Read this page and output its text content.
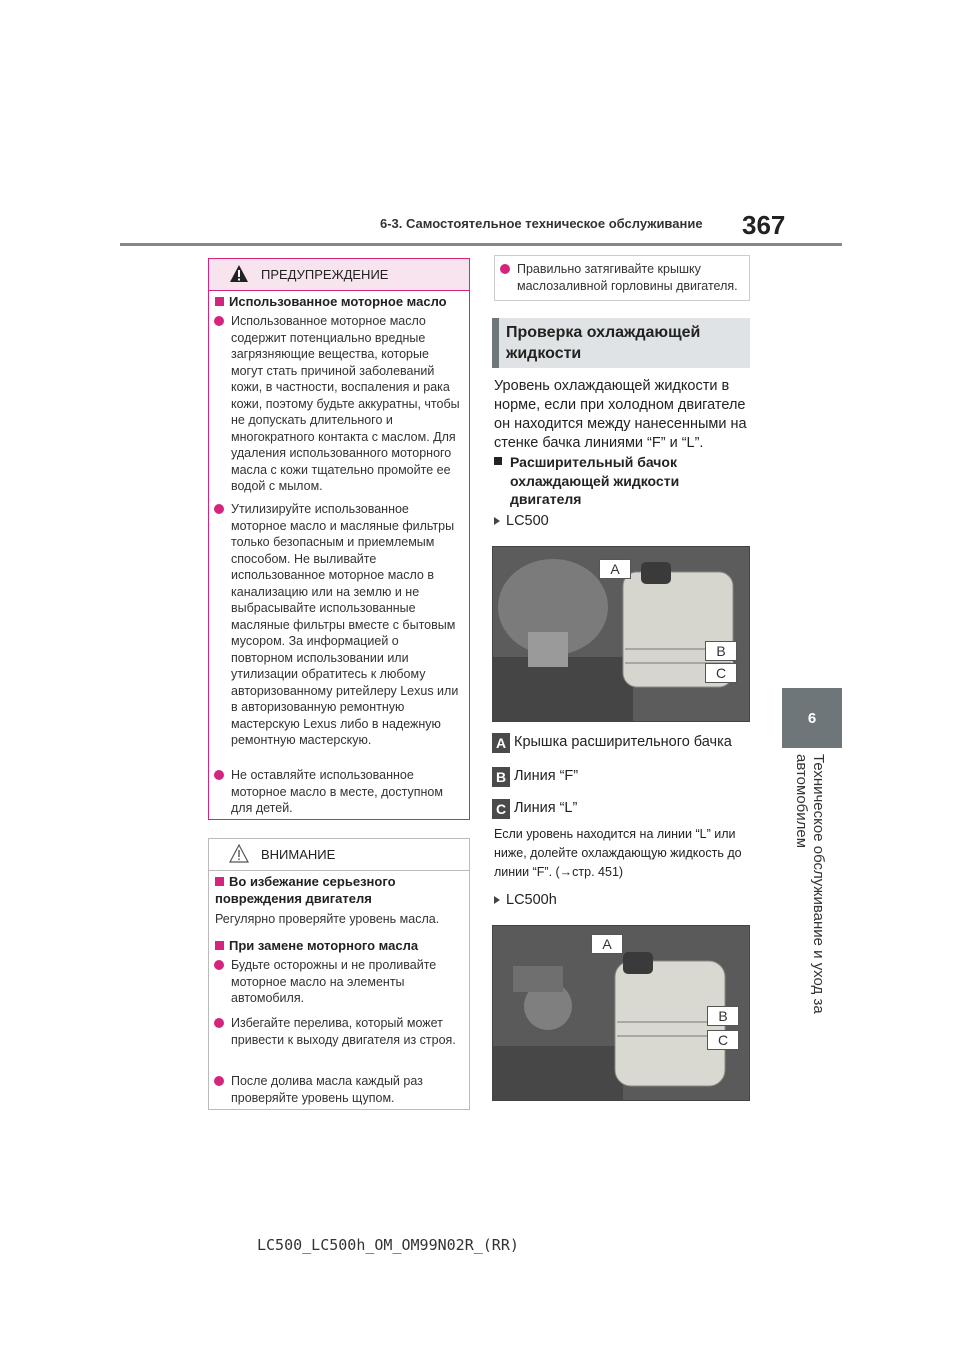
6-3. Самостоятельное техническое обслуживание 367
6
Техническое обслуживание и уход за автомобилем
ПРЕДУПРЕЖДЕНИЕ
Использованное моторное масло
Использованное моторное масло содержит потенциально вредные загрязняющие вещества, которые могут стать причиной заболеваний кожи, в частности, воспаления и рака кожи, поэтому будьте аккуратны, чтобы не допускать длительного и многократного контакта с маслом. Для удаления использованного моторного масла с кожи тщательно промойте ее водой с мылом.
Утилизируйте использованное моторное масло и масляные фильтры только безопасным и приемлемым способом. Не выливайте использованное моторное масло в канализацию или на землю и не выбрасывайте использованные масляные фильтры вместе с бытовым мусором. За информацией о повторном использовании или утилизации обратитесь к любому авторизованному ритейлеру Lexus или в авторизованную ремонтную мастерскую Lexus либо в надежную ремонтную мастерскую.
Не оставляйте использованное моторное масло в месте, доступном для детей.
ВНИМАНИЕ
Во избежание серьезного повреждения двигателя
Регулярно проверяйте уровень масла.
При замене моторного масла
Будьте осторожны и не проливайте моторное масло на элементы автомобиля.
Избегайте перелива, который может привести к выходу двигателя из строя.
После долива масла каждый раз проверяйте уровень щупом.
Правильно затягивайте крышку маслозаливной горловины двигателя.
Проверка охлаждающей жидкости
Уровень охлаждающей жидкости в норме, если при холодном двигателе он находится между нанесенными на стенке бачка линиями “F” и “L”.
Расширительный бачок охлаждающей жидкости двигателя
LC500
A
B
C
A Крышка расширительного бачка
B Линия “F”
C Линия “L”
Если уровень находится на линии “L” или ниже, долейте охлаждающую жидкость до линии “F”. (→стр. 451)
LC500h
A
B
C
LC500_LC500h_OM_OM99N02R_(RR)
